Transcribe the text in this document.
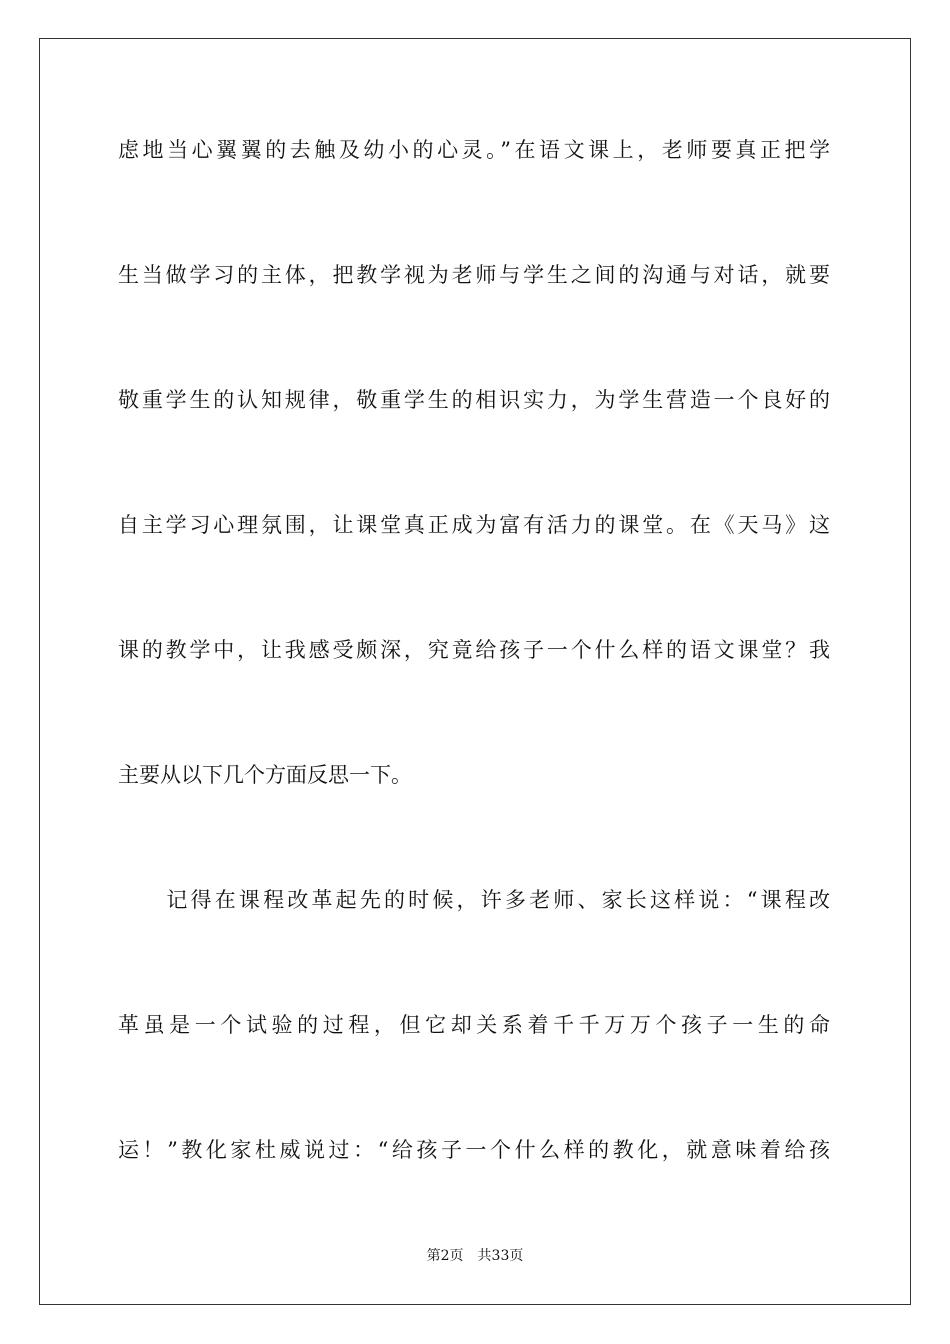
虑地当心翼翼的去触及幼小的心灵。”在语文课上，老师要真正把学
生当做学习的主体，把教学视为老师与学生之间的沟通与对话，就要
敬重学生的认知规律，敬重学生的相识实力，为学生营造一个良好的
自主学习心理氛围，让课堂真正成为富有活力的课堂。在《天马》这
课的教学中，让我感受颇深，究竟给孩子一个什么样的语文课堂？我
主要从以下几个方面反思一下。
　　记得在课程改革起先的时候，许多老师、家长这样说：“课程改
革虽是一个试验的过程，但它却关系着千千万万个孩子一生的命
运！”教化家杜威说过：“给孩子一个什么样的教化，就意味着给孩
第2页　共33页
